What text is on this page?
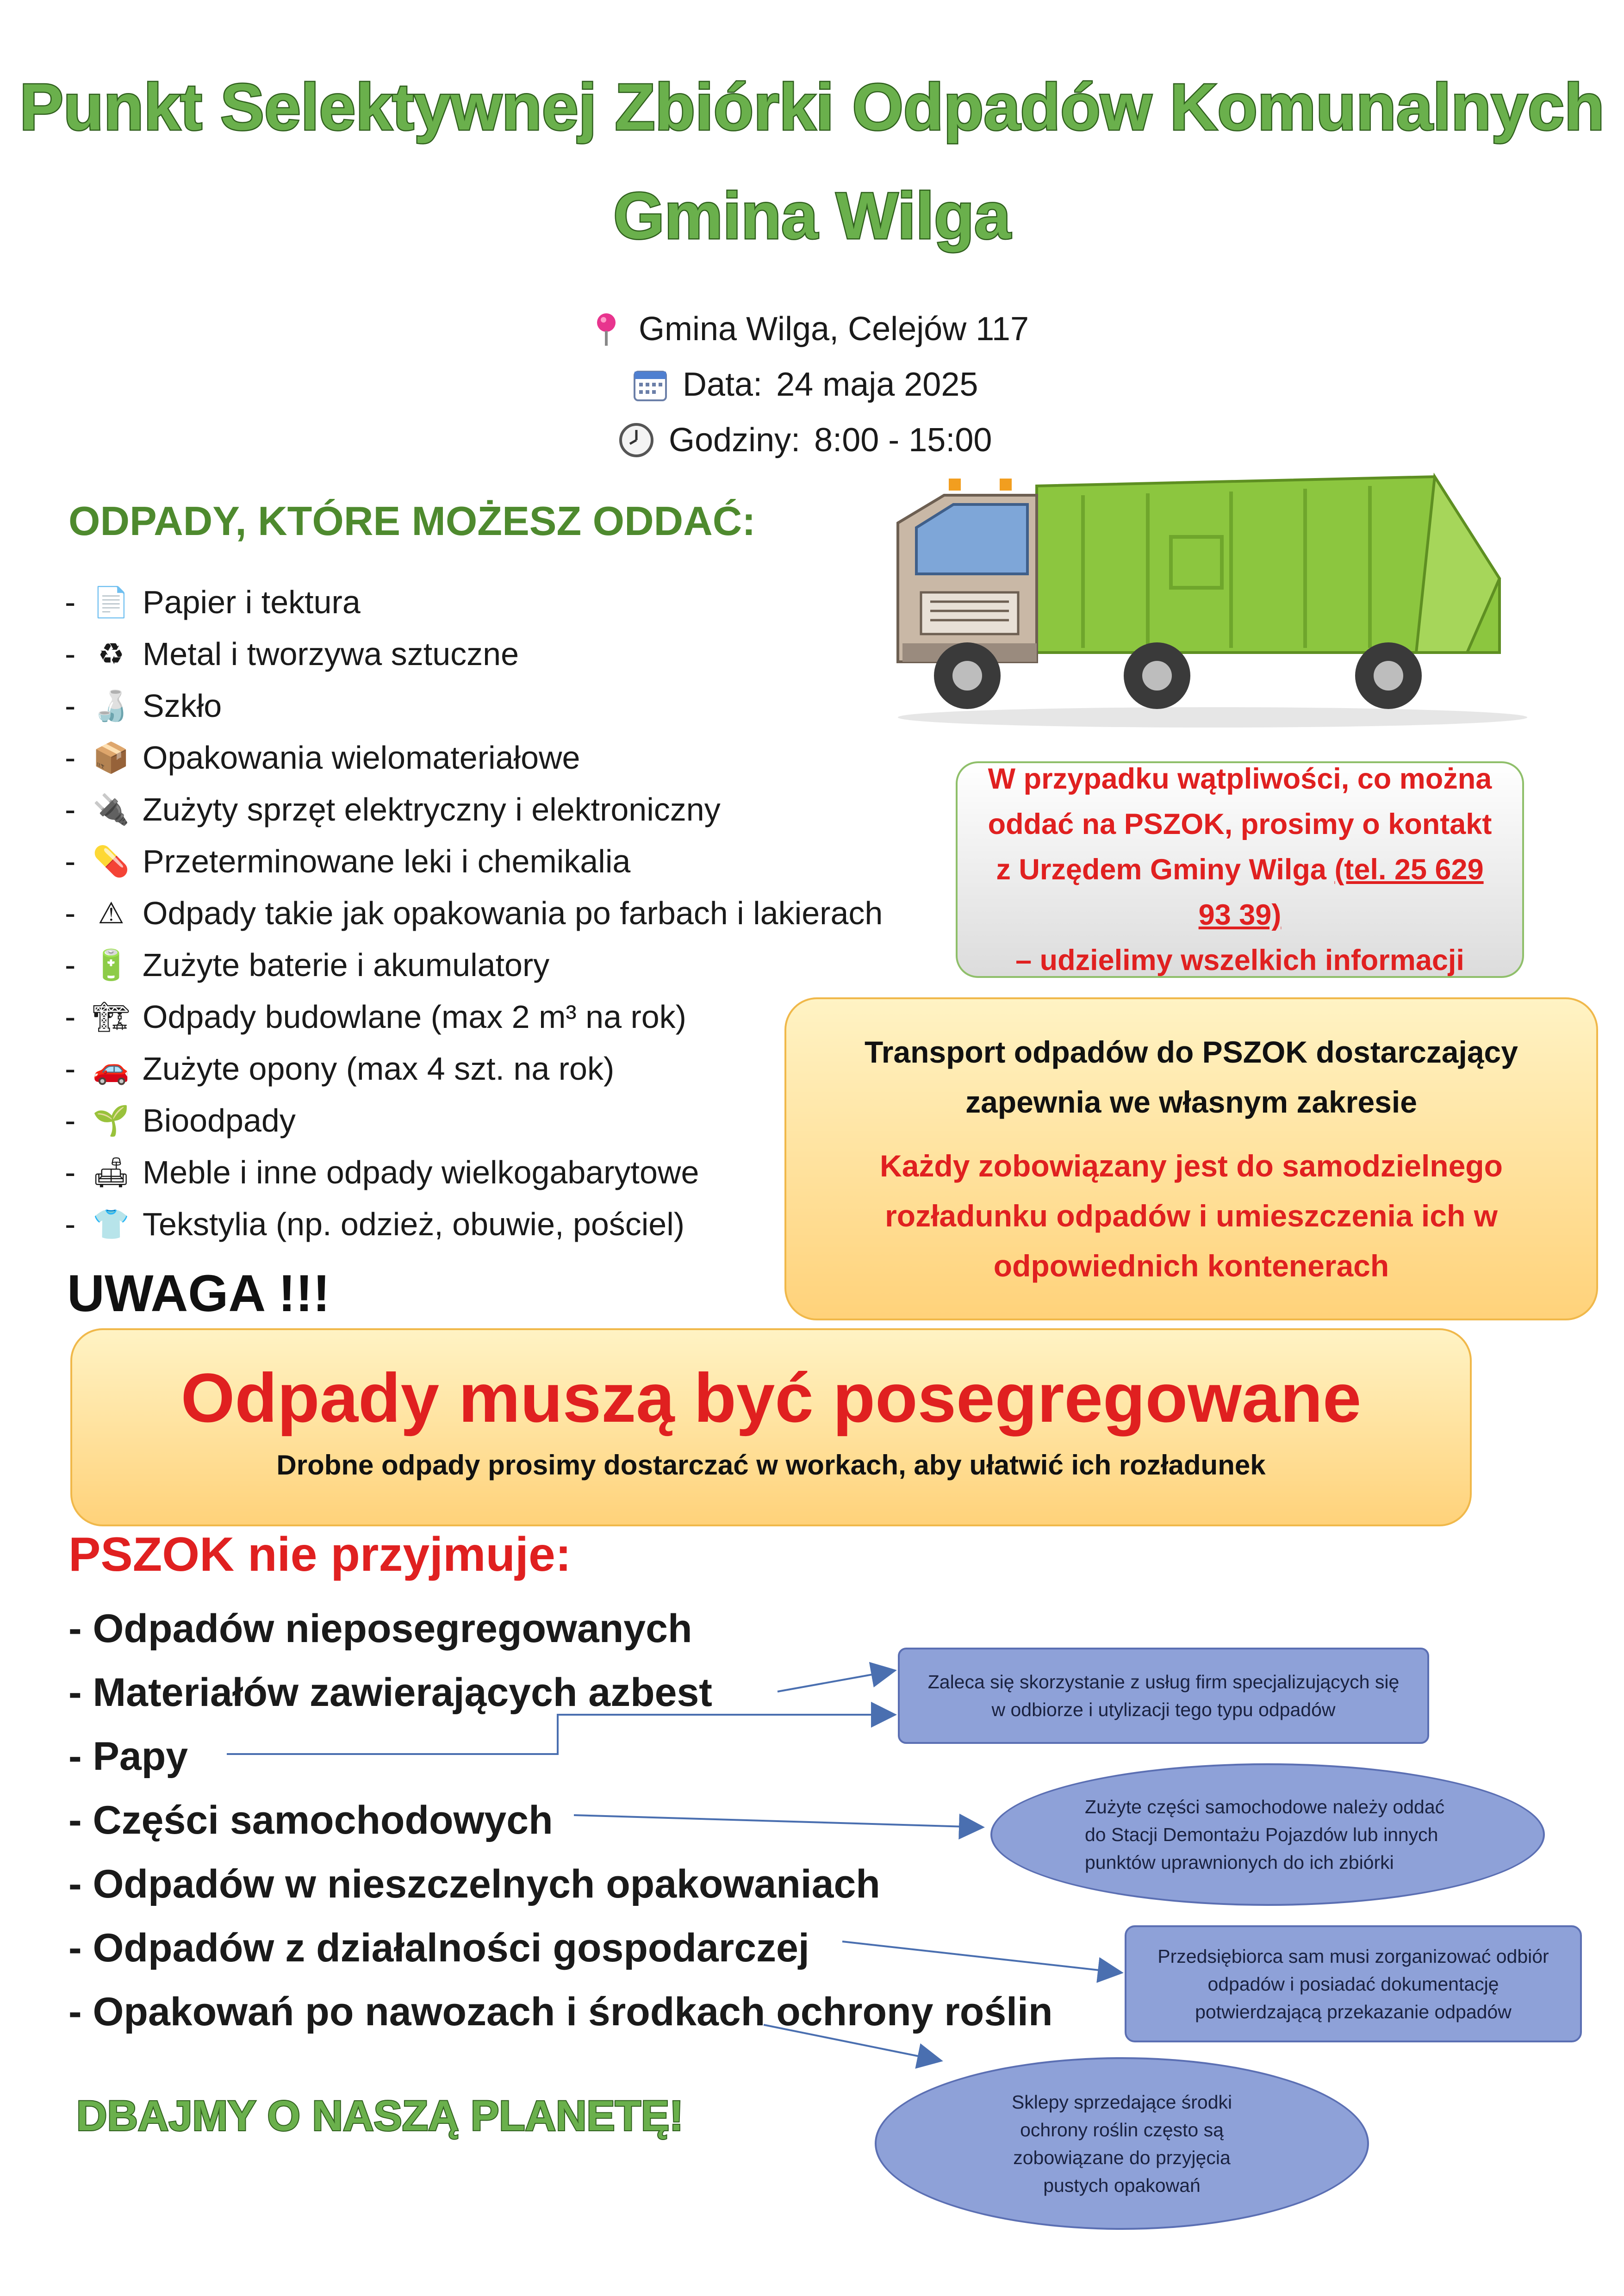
Punkt Selektywnej Zbiórki Odpadów Komunalnych
Gmina Wilga
Gmina Wilga, Celejów 117
Data: 24 maja 2025
Godziny: 8:00 - 15:00
ODPADY, KTÓRE MOŻESZ ODDAĆ:
- 📄 Papier i tektura
- ♻ Metal i tworzywa sztuczne
- 🍶 Szkło
- 📦 Opakowania wielomateriałowe
- 🔌 Zużyty sprzęt elektryczny i elektroniczny
- 💊 Przeterminowane leki i chemikalia
- ⚠ Odpady takie jak opakowania po farbach i lakierach
- 🔋 Zużyte baterie i akumulatory
- 🏗 Odpady budowlane (max 2 m³ na rok)
- 🚗 Zużyte opony (max 4 szt. na rok)
- 🌱 Bioodpady
- 🛋 Meble i inne odpady wielkogabarytowe
- 👕 Tekstylia (np. odzież, obuwie, pościel)
W przypadku wątpliwości, co można oddać na PSZOK, prosimy o kontakt z Urzędem Gminy Wilga (tel. 25 629 93 39)
– udzielimy wszelkich informacji
Transport odpadów do PSZOK dostarczający zapewnia we własnym zakresie
Każdy zobowiązany jest do samodzielnego rozładunku odpadów i umieszczenia ich w odpowiednich kontenerach
UWAGA !!!
Odpady muszą być posegregowane
Drobne odpady prosimy dostarczać w workach, aby ułatwić ich rozładunek
PSZOK nie przyjmuje:
- Odpadów nieposegregowanych
- Materiałów zawierających azbest
- Papy
- Części samochodowych
- Odpadów w nieszczelnych opakowaniach
- Odpadów z działalności gospodarczej
- Opakowań po nawozach i środkach ochrony roślin
Zaleca się skorzystanie z usług firm specjalizujących się w odbiorze i utylizacji tego typu odpadów
Zużyte części samochodowe należy oddać do Stacji Demontażu Pojazdów lub innych punktów uprawnionych do ich zbiórki
Przedsiębiorca sam musi zorganizować odbiór odpadów i posiadać dokumentację potwierdzającą przekazanie odpadów
Sklepy sprzedające środki ochrony roślin często są zobowiązane do przyjęcia pustych opakowań
DBAJMY O NASZĄ PLANETĘ!
